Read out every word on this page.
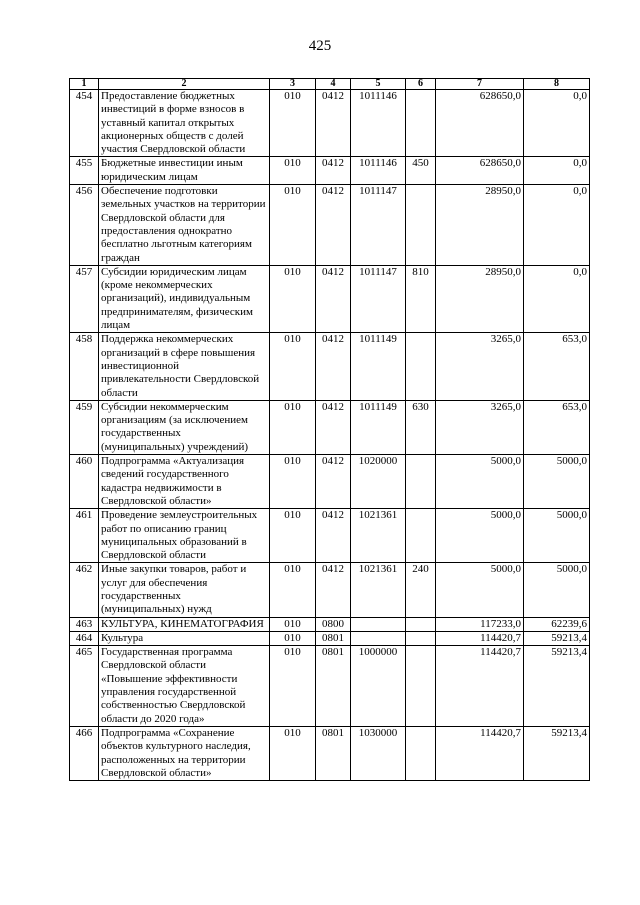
425
1	2	3	4	5	6	7	8
454	Предоставление бюджетных инвестиций в форме взносов в уставный капитал открытых акционерных обществ с долей участия Свердловской области	010	0412	1011146		628650,0	0,0
455	Бюджетные инвестиции иным юридическим лицам	010	0412	1011146	450	628650,0	0,0
456	Обеспечение подготовки земельных участков на территории Свердловской области для предоставления однократно бесплатно льготным категориям граждан	010	0412	1011147		28950,0	0,0
457	Субсидии юридическим лицам (кроме некоммерческих организаций), индивидуальным предпринимателям, физическим лицам	010	0412	1011147	810	28950,0	0,0
458	Поддержка некоммерческих организаций в сфере повышения инвестиционной привлекательности Свердловской области	010	0412	1011149		3265,0	653,0
459	Субсидии некоммерческим организациям (за исключением государственных (муниципальных) учреждений)	010	0412	1011149	630	3265,0	653,0
460	Подпрограмма «Актуализация сведений государственного кадастра недвижимости в Свердловской области»	010	0412	1020000		5000,0	5000,0
461	Проведение землеустроительных работ по описанию границ муниципальных образований в Свердловской области	010	0412	1021361		5000,0	5000,0
462	Иные закупки товаров, работ и услуг для обеспечения государственных (муниципальных) нужд	010	0412	1021361	240	5000,0	5000,0
463	КУЛЬТУРА, КИНЕМАТОГРАФИЯ	010	0800			117233,0	62239,6
464	Культура	010	0801			114420,7	59213,4
465	Государственная программа Свердловской области «Повышение эффективности управления государственной собственностью Свердловской области до 2020 года»	010	0801	1000000		114420,7	59213,4
466	Подпрограмма «Сохранение объектов культурного наследия, расположенных на территории Свердловской области»	010	0801	1030000		114420,7	59213,4
